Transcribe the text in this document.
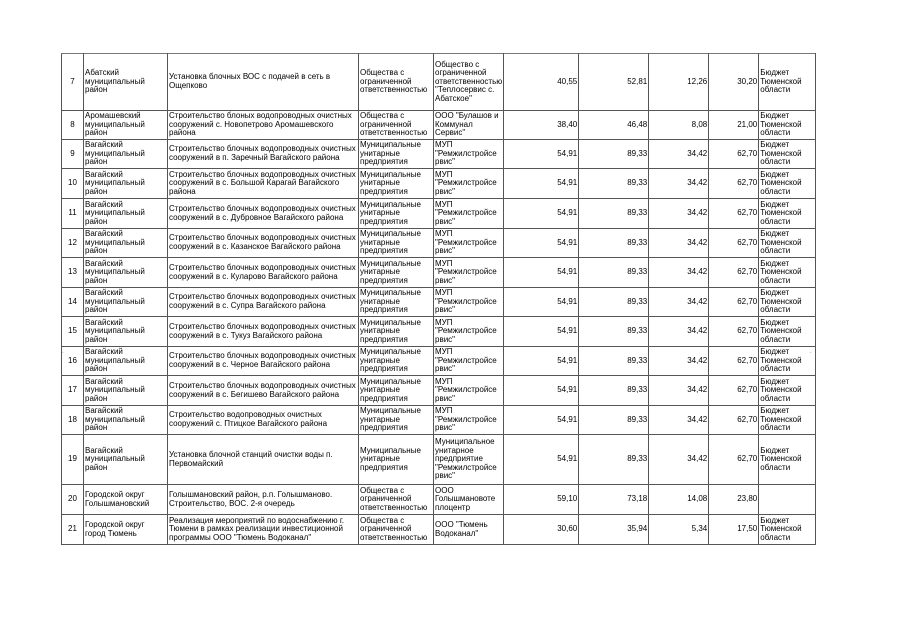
7	Абатский муниципальный район	Установка блочных ВОС с подачей в сеть в Ощепково	Общества с ограниченной ответственностью	Общество с ограниченной ответственностью "Теплосервис с. Абатское"	40,55	52,81	12,26	30,20	Бюджет Тюменской области
8	Аромашевский муниципальный район	Строительство блоных водопроводных очистных сооружений с. Новопетрово Аромашевского района	Общества с ограниченной ответственностью	ООО "Булашов и Коммунал Сервис"	38,40	46,48	8,08	21,00	Бюджет Тюменской области
9	Вагайский муниципальный район	Строительство блочных водопроводных очистных сооружений в п. Заречный Вагайского района	Муниципальные унитарные предприятия	МУП "Ремжилстройсе рвис"	54,91	89,33	34,42	62,70	Бюджет Тюменской области
10	Вагайский муниципальный район	Строительство блочных водопроводных очистных сооружений в с. Большой Карагай Вагайского района	Муниципальные унитарные предприятия	МУП "Ремжилстройсе рвис"	54,91	89,33	34,42	62,70	Бюджет Тюменской области
11	Вагайский муниципальный район	Строительство блочных водопроводных очистных сооружений в с. Дубровное Вагайского района	Муниципальные унитарные предприятия	МУП "Ремжилстройсе рвис"	54,91	89,33	34,42	62,70	Бюджет Тюменской области
12	Вагайский муниципальный район	Строительство блочных водопроводных очистных сооружений в с. Казанское Вагайского района	Муниципальные унитарные предприятия	МУП "Ремжилстройсе рвис"	54,91	89,33	34,42	62,70	Бюджет Тюменской области
13	Вагайский муниципальный район	Строительство блочных водопроводных очистных сооружений в с. Куларово Вагайского района	Муниципальные унитарные предприятия	МУП "Ремжилстройсе рвис"	54,91	89,33	34,42	62,70	Бюджет Тюменской области
14	Вагайский муниципальный район	Строительство блочных водопроводных очистных сооружений в с. Супра Вагайского района	Муниципальные унитарные предприятия	МУП "Ремжилстройсе рвис"	54,91	89,33	34,42	62,70	Бюджет Тюменской области
15	Вагайский муниципальный район	Строительство блочных водопроводных очистных сооружений в с. Тукуз Вагайского района	Муниципальные унитарные предприятия	МУП "Ремжилстройсе рвис"	54,91	89,33	34,42	62,70	Бюджет Тюменской области
16	Вагайский муниципальный район	Строительство блочных водопроводных очистных сооружений в с. Черное Вагайского района	Муниципальные унитарные предприятия	МУП "Ремжилстройсе рвис"	54,91	89,33	34,42	62,70	Бюджет Тюменской области
17	Вагайский муниципальный район	Строительство блочных водопроводных очистных сооружений в с. Бегишево Вагайского района	Муниципальные унитарные предприятия	МУП "Ремжилстройсе рвис"	54,91	89,33	34,42	62,70	Бюджет Тюменской области
18	Вагайский муниципальный район	Строительство водопроводных очистных сооружений с. Птицкое Вагайского района	Муниципальные унитарные предприятия	МУП "Ремжилстройсе рвис"	54,91	89,33	34,42	62,70	Бюджет Тюменской области
19	Вагайский муниципальный район	Установка блочной станций очистки воды п. Первомайский	Муниципальные унитарные предприятия	Муниципальное унитарное предприятие "Ремжилстройсе рвис"	54,91	89,33	34,42	62,70	Бюджет Тюменской области
20	Городской округ Голышмановский	Голышмановский район, р.п. Голышманово. Строительство, ВОС. 2-я очередь	Общества с ограниченной ответственностью	ООО Голышмановоте плоцентр	59,10	73,18	14,08	23,80	
21	Городской округ город Тюмень	Реализация мероприятий по водоснабжению г. Тюмени в рамках реализации инвестиционной программы ООО "Тюмень Водоканал"	Общества с ограниченной ответственностью	ООО "Тюмень Водоканал"	30,60	35,94	5,34	17,50	Бюджет Тюменской области
.	.
